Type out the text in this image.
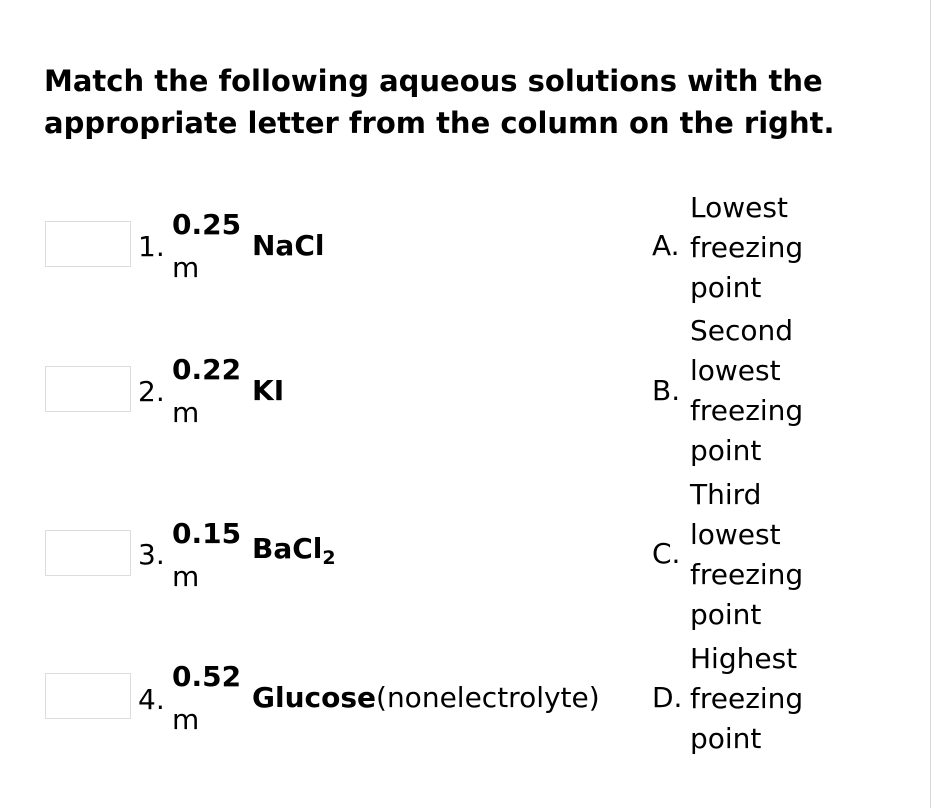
Match the following aqueous solutions with the appropriate letter from the column on the right.
1.
0.25
m
NaCl
2.
0.22
m
KI
3.
0.15
m
BaCl$_2$
4.
0.52
m
Glucose(nonelectrolyte)
A.
Lowest
freezing
point
B.
Second
lowest
freezing
point
C.
Third
lowest
freezing
point
D.
Highest
freezing
point
